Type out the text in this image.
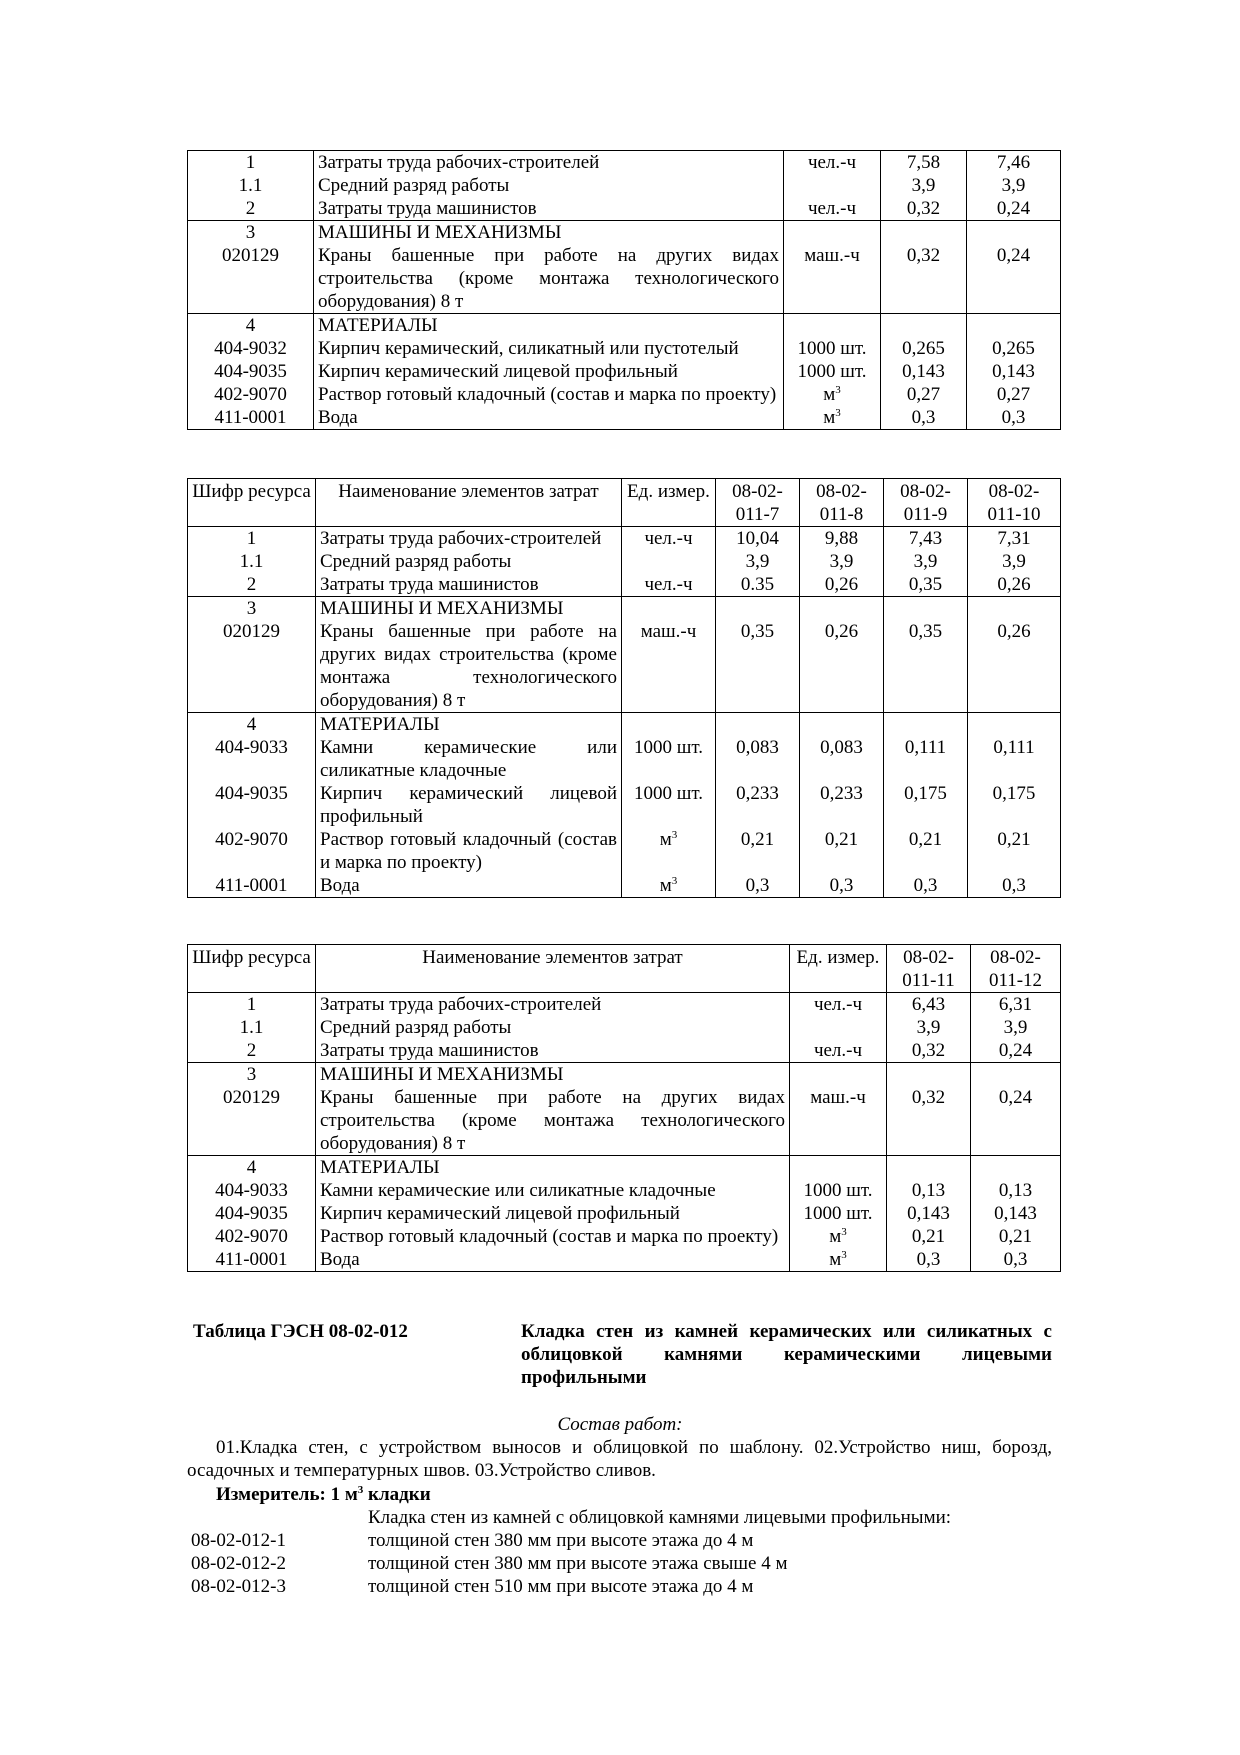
1	Затраты труда рабочих-строителей	чел.-ч	7,58	7,46
1.1	Средний разряд работы		3,9	3,9
2	Затраты труда машинистов	чел.-ч	0,32	0,24
3	МАШИНЫ И МЕХАНИЗМЫ			
020129	Краны башенные при работе на других видах строительства (кроме монтажа технологического оборудования) 8 т	маш.-ч	0,32	0,24
4	МАТЕРИАЛЫ			
404-9032	Кирпич керамический, силикатный или пустотелый	1000 шт.	0,265	0,265
404-9035	Кирпич керамический лицевой профильный	1000 шт.	0,143	0,143
402-9070	Раствор готовый кладочный (состав и марка по проекту)	$м^3$	0,27	0,27
411-0001	Вода	$м^3$	0,3	0,3
Шифр ресурса	Наименование элементов затрат	Ед. измер.	08-02-011-7	08-02-011-8	08-02-011-9	08-02-011-10
1	Затраты труда рабочих-строителей	чел.-ч	10,04	9,88	7,43	7,31
1.1	Средний разряд работы		3,9	3,9	3,9	3,9
2	Затраты труда машинистов	чел.-ч	0.35	0,26	0,35	0,26
3	МАШИНЫ И МЕХАНИЗМЫ					
020129	Краны башенные при работе на других видах строительства (кроме монтажа технологического оборудования) 8 т	маш.-ч	0,35	0,26	0,35	0,26
4	МАТЕРИАЛЫ					
404-9033	Камни керамические или силикатные кладочные	1000 шт.	0,083	0,083	0,111	0,111
404-9035	Кирпич керамический лицевой профильный	1000 шт.	0,233	0,233	0,175	0,175
402-9070	Раствор готовый кладочный (состав и марка по проекту)	$м^3$	0,21	0,21	0,21	0,21
411-0001	Вода	$м^3$	0,3	0,3	0,3	0,3
Шифр ресурса	Наименование элементов затрат	Ед. измер.	08-02-011-11	08-02-011-12
1	Затраты труда рабочих-строителей	чел.-ч	6,43	6,31
1.1	Средний разряд работы		3,9	3,9
2	Затраты труда машинистов	чел.-ч	0,32	0,24
3	МАШИНЫ И МЕХАНИЗМЫ			
020129	Краны башенные при работе на других видах строительства (кроме монтажа технологического оборудования) 8 т	маш.-ч	0,32	0,24
4	МАТЕРИАЛЫ			
404-9033	Камни керамические или силикатные кладочные	1000 шт.	0,13	0,13
404-9035	Кирпич керамический лицевой профильный	1000 шт.	0,143	0,143
402-9070	Раствор готовый кладочный (состав и марка по проекту)	$м^3$	0,21	0,21
411-0001	Вода	$м^3$	0,3	0,3
Таблица ГЭСН 08-02-012	Кладка стен из камней керамических или силикатных с облицовкой камнями керамическими лицевыми профильными
Состав работ:
01.Кладка стен, с устройством выносов и облицовкой по шаблону. 02.Устройство ниш, борозд, осадочных и температурных швов. 03.Устройство сливов.
Измеритель: 1 $м^3$ кладки
Кладка стен из камней с облицовкой камнями лицевыми профильными:
08-02-012-1	толщиной стен 380 мм при высоте этажа до 4 м
08-02-012-2	толщиной стен 380 мм при высоте этажа свыше 4 м
08-02-012-3	толщиной стен 510 мм при высоте этажа до 4 м
